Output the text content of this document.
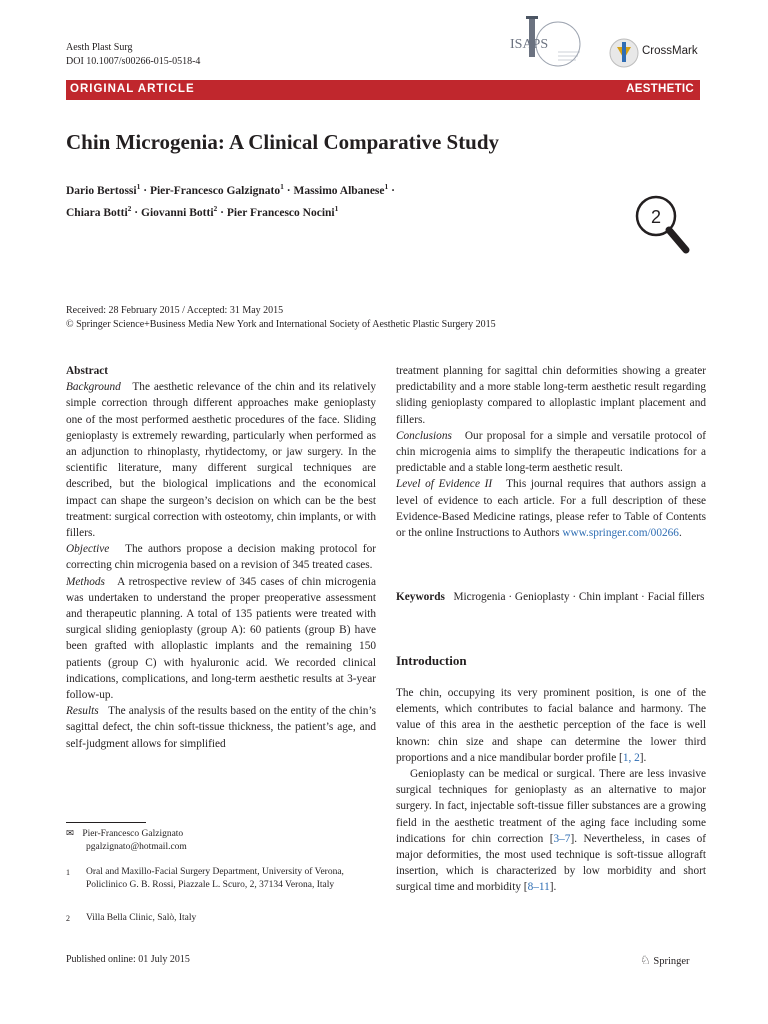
Aesth Plast Surg
DOI 10.1007/s00266-015-0518-4
ISAPS	CrossMark
ORIGINAL ARTICLE	AESTHETIC
Chin Microgenia: A Clinical Comparative Study
Dario Bertossi$^1$ · Pier-Francesco Galzignato$^1$ · Massimo Albanese$^1$ ·
Chiara Botti$^2$ · Giovanni Botti$^2$ · Pier Francesco Nocini$^1$	2
Received: 28 February 2015 / Accepted: 31 May 2015
© Springer Science+Business Media New York and International Society of Aesthetic Plastic Surgery 2015

Abstract

Background The aesthetic relevance of the chin and its relatively simple correction through different approaches make genioplasty one of the most performed aesthetic procedures of the face. Sliding genioplasty is extremely rewarding, particularly when performed as an adjunction to rhinoplasty, rhytidectomy, or jaw surgery. In the scientific literature, many different surgical techniques are described, but the biological implications and the economical impact can shape the surgeon’s decision on which can be the best treatment: surgical correction with osteotomy, chin implants, or with fillers.

Objective The authors propose a decision making protocol for correcting chin microgenia based on a revision of 345 treated cases.

Methods A retrospective review of 345 cases of chin microgenia was undertaken to understand the proper preoperative assessment and therapeutic planning. A total of 135 patients were treated with surgical sliding genioplasty (group A): 60 patients (group B) have been grafted with alloplastic implants and the remaining 150 patients (group C) with hyaluronic acid. We recorded clinical indications, complications, and long-term aesthetic results at 3-year follow-up.

Results The analysis of the results based on the entity of the chin’s sagittal defect, the chin soft-tissue thickness, the patient’s age, and self-judgment allows for simplified

✉ Pier-Francesco Galzignato
pgalzignato@hotmail.com
1 Oral and Maxillo-Facial Surgery Department, University of Verona, Policlinico G. B. Rossi, Piazzale L. Scuro, 2, 37134 Verona, Italy
2 Villa Bella Clinic, Salò, Italy

treatment planning for sagittal chin deformities showing a greater predictability and a more stable long-term aesthetic result regarding sliding genioplasty compared to alloplastic implant placement and fillers.

Conclusions Our proposal for a simple and versatile protocol of chin microgenia aims to simplify the therapeutic indications for a predictable and a stable long-term aesthetic result.

Level of Evidence II This journal requires that authors assign a level of evidence to each article. For a full description of these Evidence-Based Medicine ratings, please refer to Table of Contents or the online Instructions to Authors www.springer.com/00266.

Keywords Microgenia · Genioplasty · Chin implant · Facial fillers
Introduction

The chin, occupying its very prominent position, is one of the elements, which contributes to facial balance and harmony. The value of this area in the aesthetic perception of the face is well known: chin size and shape can determine the lower third proportions and a nice mandibular border profile [1, 2].

Genioplasty can be medical or surgical. There are less invasive surgical techniques for genioplasty as an alternative to major surgery. In fact, injectable soft-tissue filler substances are a growing field in the aesthetic treatment of the aging face including some indications for chin correction [3–7]. Nevertheless, in cases of major deformities, the most used technique is soft-tissue allograft insertion, which is characterized by low morbidity and short surgical time and morbidity [8–11].

Published online: 01 July 2015	♘ Springer
